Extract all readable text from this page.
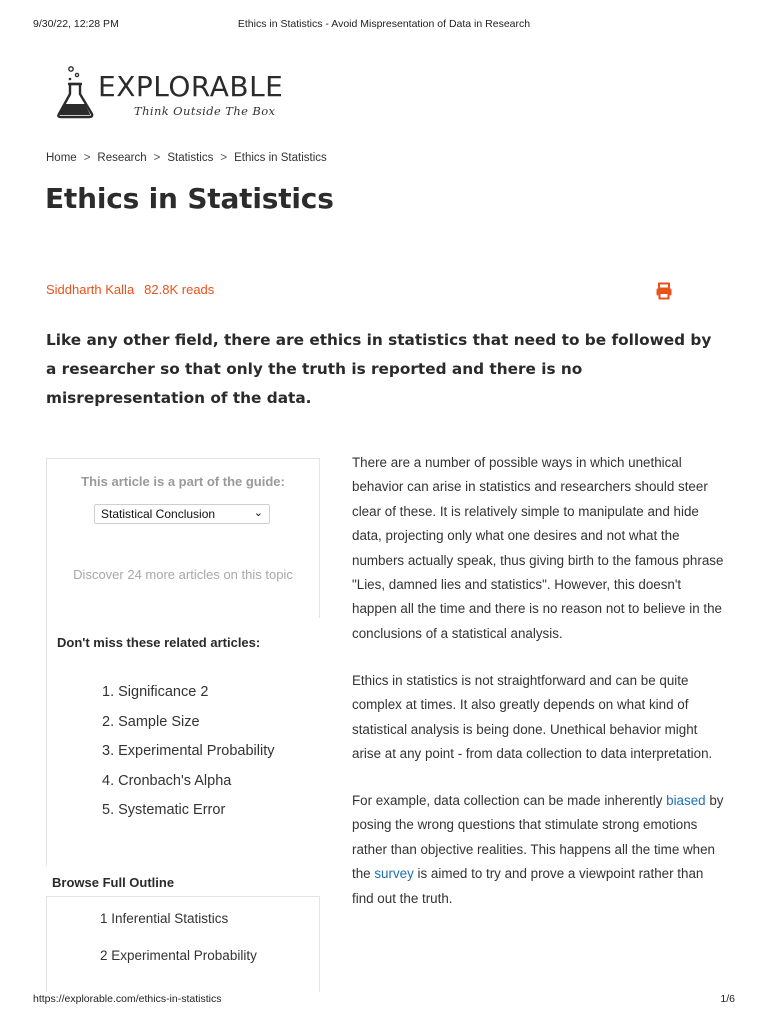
9/30/22, 12:28 PM	Ethics in Statistics - Avoid Mispresentation of Data in Research
EXPLORABLE
Think Outside The Box
Home > Research > Statistics > Ethics in Statistics
Ethics in Statistics
Siddharth Kalla 82.8K reads

Like any other field, there are ethics in statistics that need to be followed by a researcher so that only the truth is reported and there is no misrepresentation of the data.

This article is a part of the guide:
Statistical Conclusion	⌄
Discover 24 more articles on this topic
Don't miss these related articles:
1. Significance 2
2. Sample Size
3. Experimental Probability
4. Cronbach's Alpha
5. Systematic Error
Browse Full Outline
1 Inferential Statistics
2 Experimental Probability

There are a number of possible ways in which unethical behavior can arise in statistics and researchers should steer clear of these. It is relatively simple to manipulate and hide data, projecting only what one desires and not what the numbers actually speak, thus giving birth to the famous phrase "Lies, damned lies and statistics". However, this doesn't happen all the time and there is no reason not to believe in the conclusions of a statistical analysis.

Ethics in statistics is not straightforward and can be quite complex at times. It also greatly depends on what kind of statistical analysis is being done. Unethical behavior might arise at any point - from data collection to data interpretation.

For example, data collection can be made inherently biased by posing the wrong questions that stimulate strong emotions rather than objective realities. This happens all the time when the survey is aimed to try and prove a viewpoint rather than find out the truth.

https://explorable.com/ethics-in-statistics	1/6
